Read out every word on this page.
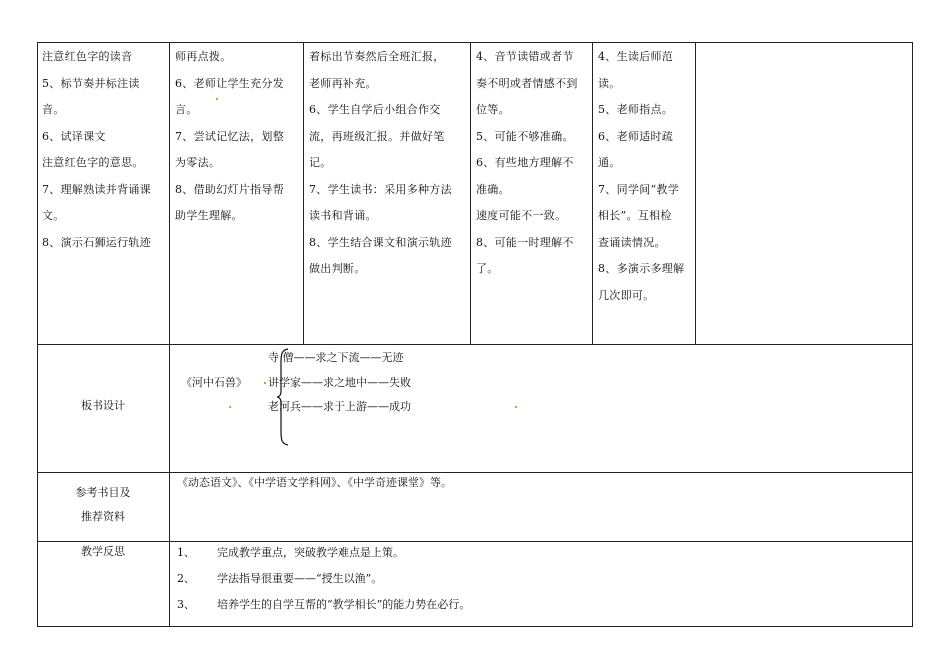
注意红色字的读音
5、标节奏并标注读
音。
6、试译课文
注意红色字的意思。
7、理解熟读并背诵课
文。
8、演示石狮运行轨迹
师再点拨。
6、老师让学生充分发
言。
7、尝试记忆法，划整
为零法。
8、借助幻灯片指导帮
助学生理解。
着标出节奏然后全班汇报，
老师再补充。
6、学生自学后小组合作交
流，再班级汇报。并做好笔
记。
7、学生读书：采用多种方法
读书和背诵。
8、学生结合课文和演示轨迹
做出判断。
4、音节读错或者节
奏不明或者情感不到
位等。
5、可能不够准确。
6、有些地方理解不
准确。
速度可能不一致。
8、可能一时理解不
了。
4、生读后师范
读。
5、老师指点。
6、老师适时疏
通。
7、同学间“教学
相长”。互相检
查诵读情况。
8、多演示多理解
几次即可。
板书设计
《河中石兽》
寺 僧——求之下流——无迹
讲学家——求之地中——失败
老河兵——求于上游——成功
参考书目及
推荐资料
《动态语文》、《中学语文学科网》、《中学奇迹课堂》等。
教学反思	1、 完成教学重点，突破教学难点是上策。
2、 学法指导很重要——“授生以渔”。
3、 培养学生的自学互帮的“教学相长”的能力势在必行。
